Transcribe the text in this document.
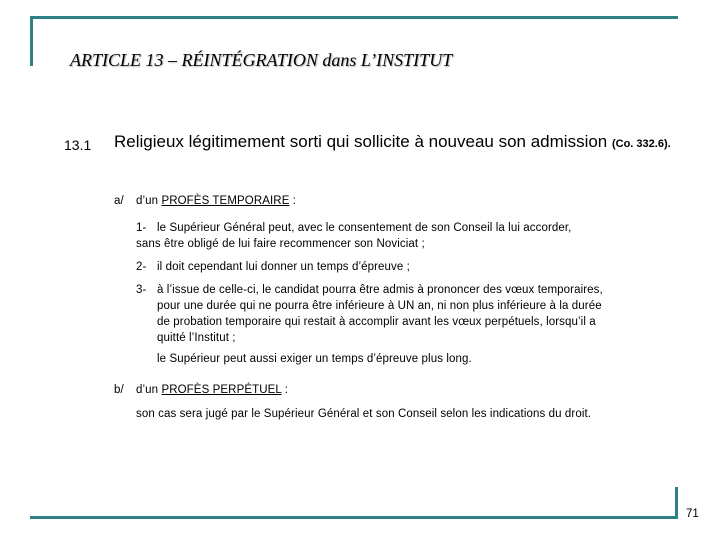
ARTICLE 13 – RÉINTÉGRATION dans L’INSTITUT
13.1 Religieux légitimement sorti qui sollicite à nouveau son admission (Co. 332.6).
a/ d’un PROFÈS TEMPORAIRE :
1- le Supérieur Général peut, avec le consentement de son Conseil la lui accorder,
sans être obligé de lui faire recommencer son Noviciat ;
2- il doit cependant lui donner un temps d’épreuve ;
3- à l’issue de celle-ci, le candidat pourra être admis à prononcer des vœux temporaires,
pour une durée qui ne pourra être inférieure à UN an, ni non plus inférieure à la durée
de probation temporaire qui restait à accomplir avant les vœux perpétuels, lorsqu’il a
quitté l’Institut ;
le Supérieur peut aussi exiger un temps d’épreuve plus long.
b/ d’un PROFÈS PERPÉTUEL :
son cas sera jugé par le Supérieur Général et son Conseil selon les indications du droit.
71
